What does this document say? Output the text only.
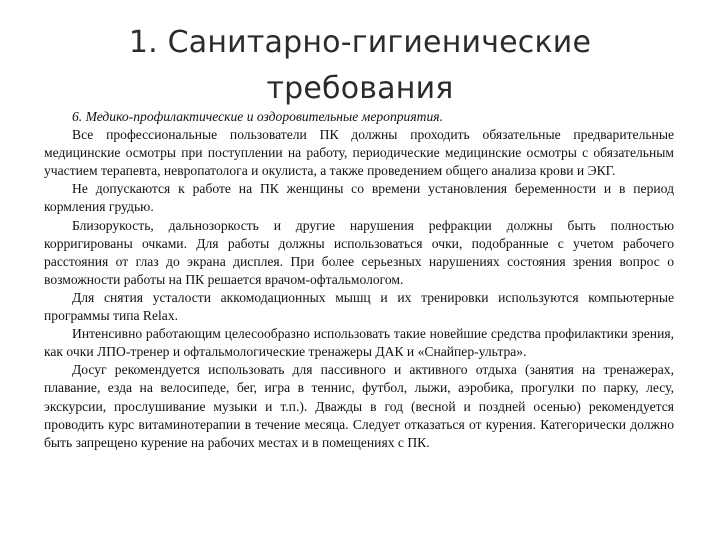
1. Санитарно-гигиенические
требования

6. Медико-профилактические и оздоровительные мероприятия.

Все профессиональные пользователи ПК должны проходить обязательные предварительные медицинские осмотры при поступлении на работу, периодические медицинские осмотры с обязательным участием терапевта, невропатолога и окулиста, а также проведением общего анализа крови и ЭКГ.

Не допускаются к работе на ПК женщины со времени установления беременности и в период кормления грудью.

Близорукость, дальнозоркость и другие нарушения рефракции должны быть полностью корригированы очками. Для работы должны использоваться очки, подобранные с учетом рабочего расстояния от глаз до экрана дисплея. При более серьезных нарушениях состояния зрения вопрос о возможности работы на ПК решается врачом-офтальмологом.

Для снятия усталости аккомодационных мышц и их тренировки используются компьютерные программы типа Relax.

Интенсивно работающим целесообразно использовать такие новейшие средства профилактики зрения, как очки ЛПО-тренер и офтальмологические тренажеры ДАК и «Снайпер-ультра».

Досуг рекомендуется использовать для пассивного и активного отдыха (занятия на тренажерах, плавание, езда на велосипеде, бег, игра в теннис, футбол, лыжи, аэробика, прогулки по парку, лесу, экскурсии, прослушивание музыки и т.п.). Дважды в год (весной и поздней осенью) рекомендуется проводить курс витаминотерапии в течение месяца. Следует отказаться от курения. Категорически должно быть запрещено курение на рабочих местах и в помещениях с ПК.
